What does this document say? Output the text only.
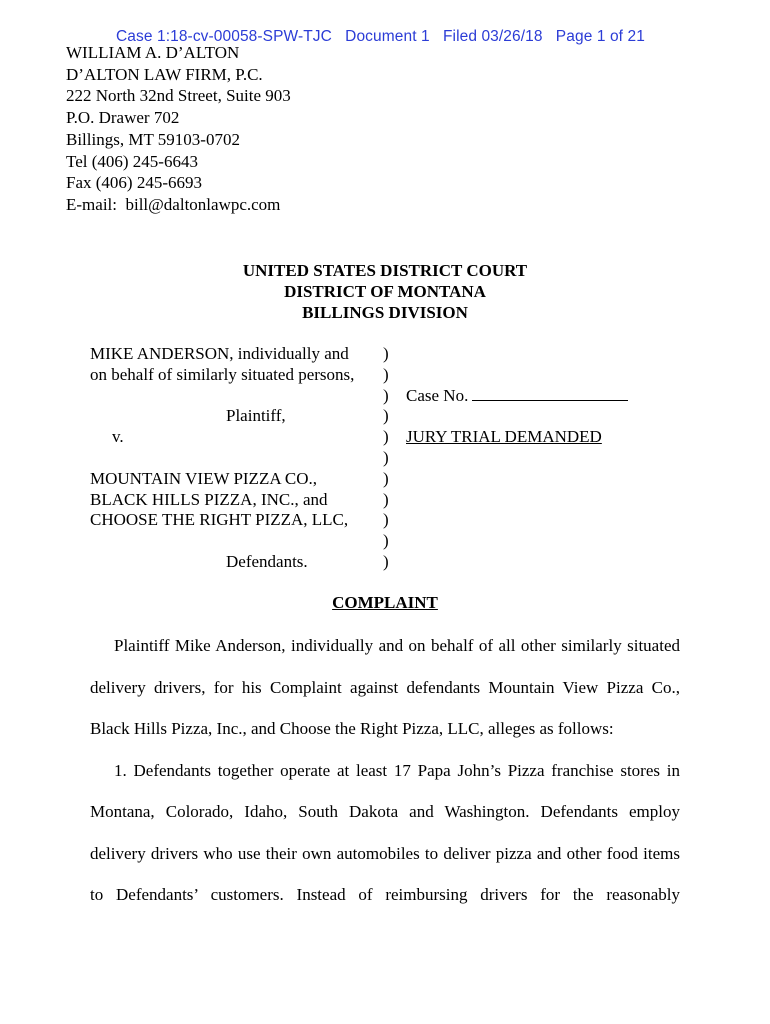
Case 1:18-cv-00058-SPW-TJC   Document 1   Filed 03/26/18   Page 1 of 21
WILLIAM A. D’ALTON
D’ALTON LAW FIRM, P.C.
222 North 32nd Street, Suite 903
P.O. Drawer 702
Billings, MT 59103-0702
Tel (406) 245-6643
Fax (406) 245-6693
E-mail:  bill@daltonlawpc.com
UNITED STATES DISTRICT COURT
DISTRICT OF MONTANA
BILLINGS DIVISION
MIKE ANDERSON, individually and
on behalf of similarly situated persons,
Plaintiff,
v.
MOUNTAIN VIEW PIZZA CO.,
BLACK HILLS PIZZA, INC., and
CHOOSE THE RIGHT PIZZA, LLC,
Defendants.
)
)
)
)
)
)
)
)
)
)
)
Case No.
JURY TRIAL DEMANDED
COMPLAINT
Plaintiff Mike Anderson, individually and on behalf of all other similarly situated
delivery drivers, for his Complaint against defendants Mountain View Pizza Co.,
Black Hills Pizza, Inc., and Choose the Right Pizza, LLC, alleges as follows:
1. Defendants together operate at least 17 Papa John’s Pizza franchise stores in
Montana, Colorado, Idaho, South Dakota and Washington. Defendants employ
delivery drivers who use their own automobiles to deliver pizza and other food items
to Defendants’ customers. Instead of reimbursing drivers for the reasonably
